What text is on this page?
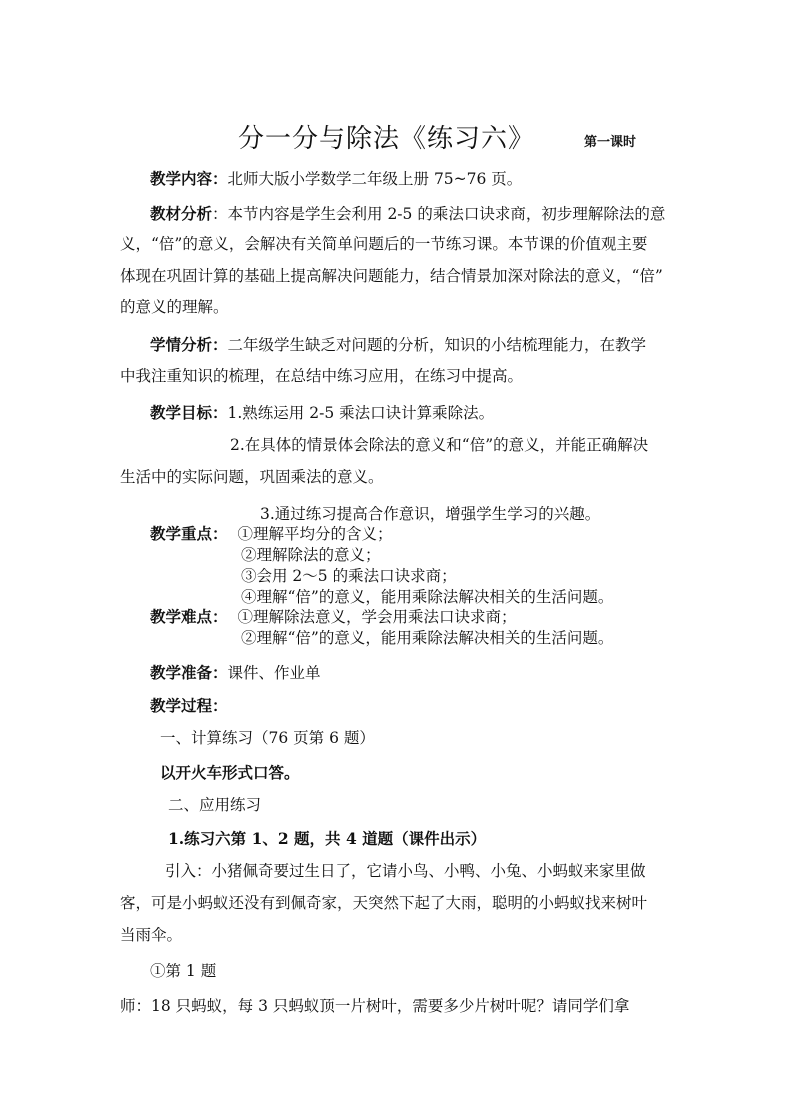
分一分与除法《练习六》	第一课时
教学内容：北师大版小学数学二年级上册 75~76 页。
教材分析：本节内容是学生会利用 2-5 的乘法口诀求商，初步理解除法的意
义，“倍”的意义，会解决有关简单问题后的一节练习课。本节课的价值观主要
体现在巩固计算的基础上提高解决问题能力，结合情景加深对除法的意义，“倍”
的意义的理解。
学情分析：二年级学生缺乏对问题的分析，知识的小结梳理能力，在教学
中我注重知识的梳理，在总结中练习应用，在练习中提高。
教学目标：1.熟练运用 2-5 乘法口诀计算乘除法。
2.在具体的情景体会除法的意义和“倍”的意义，并能正确解决
生活中的实际问题，巩固乘法的意义。
3.通过练习提高合作意识，增强学生学习的兴趣。
教学重点： ①理解平均分的含义；
②理解除法的意义；
③会用 2～5 的乘法口诀求商；
④理解“倍”的意义，能用乘除法解决相关的生活问题。
教学难点： ①理解除法意义，学会用乘法口诀求商；
②理解“倍”的意义，能用乘除法解决相关的生活问题。
教学准备：课件、作业单
教学过程：
一、计算练习（76 页第 6 题）
以开火车形式口答。
二、应用练习
1.练习六第 1、2 题，共 4 道题（课件出示）
引入：小猪佩奇要过生日了，它请小鸟、小鸭、小兔、小蚂蚁来家里做
客，可是小蚂蚁还没有到佩奇家，天突然下起了大雨，聪明的小蚂蚁找来树叶
当雨伞。
①第 1 题
师：18 只蚂蚁，每 3 只蚂蚁顶一片树叶，需要多少片树叶呢？请同学们拿
